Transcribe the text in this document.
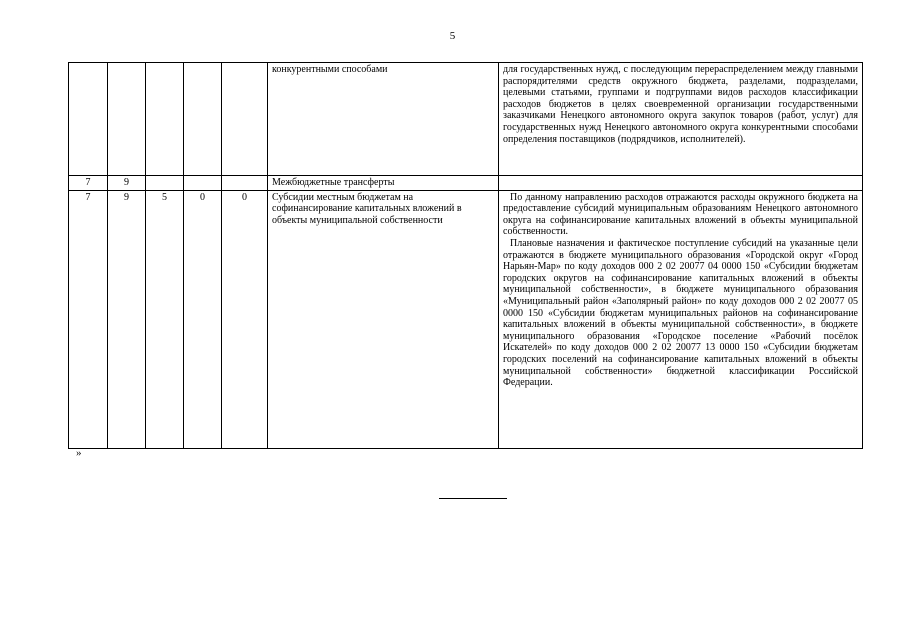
5
					конкурентными способами	для государственных нужд, с последующим перераспределением между главными распорядителями средств окружного бюджета, разделами, подразделами, целевыми статьями, группами и подгруппами видов расходов классификации расходов бюджетов в целях своевременной организации государственными заказчиками Ненецкого автономного округа закупок товаров (работ, услуг) для государственных нужд Ненецкого автономного округа конкурентными способами определения поставщиков (подрядчиков, исполнителей).

7	9				Межбюджетные трансферты	
7	9	5	0	0	Субсидии местным бюджетам на софинансирование капитальных вложений в объекты муниципальной собственности	По данному направлению расходов отражаются расходы окружного бюджета на предоставление субсидий муниципальным образованиям Ненецкого автономного округа на софинансирование капитальных вложений в объекты муниципальной собственности.

Плановые назначения и фактическое поступление субсидий на указанные цели отражаются в бюджете муниципального образования «Городской округ «Город Нарьян-Мар» по коду доходов 000 2 02 20077 04 0000 150 «Субсидии бюджетам городских округов на софинансирование капитальных вложений в объекты муниципальной собственности», в бюджете муниципального образования «Муниципальный район «Заполярный район» по коду доходов 000 2 02 20077 05 0000 150 «Субсидии бюджетам муниципальных районов на софинансирование капитальных вложений в объекты муниципальной собственности», в бюджете муниципального образования «Городское поселение «Рабочий посёлок Искателей» по коду доходов 000 2 02 20077 13 0000 150 «Субсидии бюджетам городских поселений на софинансирование капитальных вложений в объекты муниципальной собственности» бюджетной классификации Российской Федерации.

»
